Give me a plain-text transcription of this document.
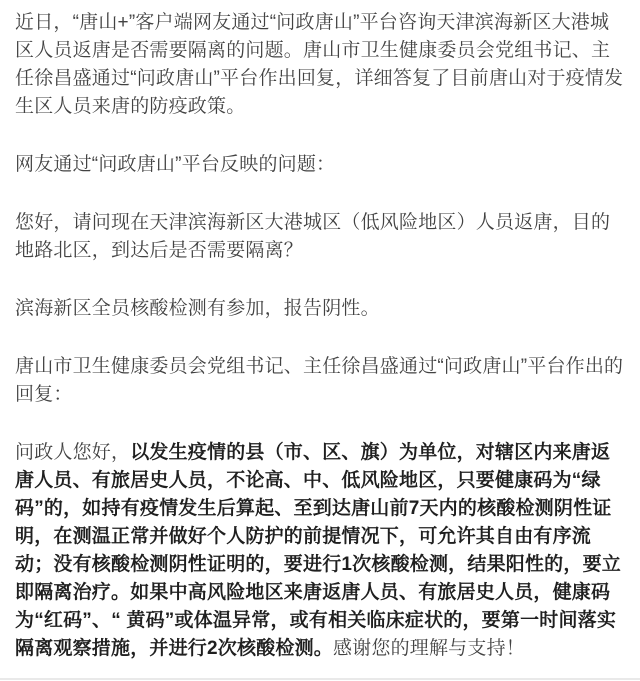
近日，“唐山+”客户端网友通过“问政唐山”平台咨询天津滨海新区大港城区人员返唐是否需要隔离的问题。唐山市卫生健康委员会党组书记、主任徐昌盛通过“问政唐山”平台作出回复，详细答复了目前唐山对于疫情发生区人员来唐的防疫政策。

网友通过“问政唐山”平台反映的问题：

您好，请问现在天津滨海新区大港城区（低风险地区）人员返唐，目的地路北区，到达后是否需要隔离？

滨海新区全员核酸检测有参加，报告阴性。

唐山市卫生健康委员会党组书记、主任徐昌盛通过“问政唐山”平台作出的回复：

问政人您好，以发生疫情的县（市、区、旗）为单位，对辖区内来唐返唐人员、有旅居史人员，不论高、中、低风险地区，只要健康码为“绿码”的，如持有疫情发生后算起、至到达唐山前7天内的核酸检测阴性证明，在测温正常并做好个人防护的前提情况下，可允许其自由有序流动；没有核酸检测阴性证明的，要进行1次核酸检测，结果阳性的，要立即隔离治疗。如果中高风险地区来唐返唐人员、有旅居史人员，健康码为“红码”、“ 黄码”或体温异常，或有相关临床症状的，要第一时间落实隔离观察措施，并进行2次核酸检测。感谢您的理解与支持！
